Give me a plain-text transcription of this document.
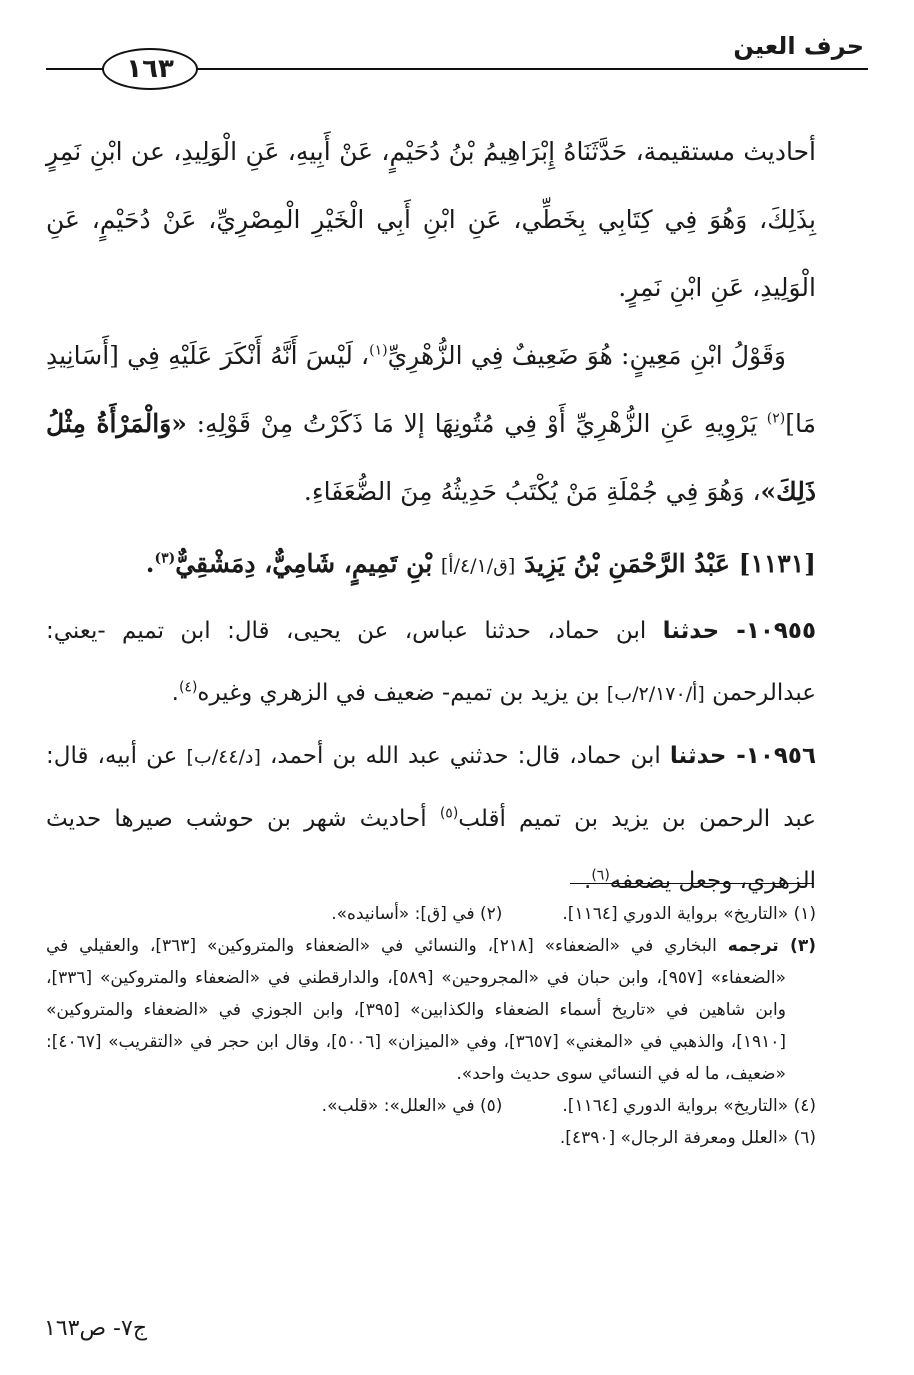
حرف العين
١٦٣

أحاديث مستقيمة، حَدَّثَنَاهُ إِبْرَاهِيمُ بْنُ دُحَيْمٍ، عَنْ أَبِيهِ، عَنِ الْوَلِيدِ، عن ابْنِ نَمِرٍ بِذَلِكَ، وَهُوَ فِي كِتَابِي بِخَطِّي، عَنِ ابْنِ أَبِي الْخَيْرِ الْمِصْرِيِّ، عَنْ دُحَيْمٍ، عَنِ الْوَلِيدِ، عَنِ ابْنِ نَمِرٍ.

وَقَوْلُ ابْنِ مَعِينٍ: هُوَ ضَعِيفٌ فِي الزُّهْرِيِّ$^{(١)}$، لَيْسَ أَنَّهُ أَنْكَرَ عَلَيْهِ فِي [أَسَانِيدِ مَا]$^{(٢)}$ يَرْوِيهِ عَنِ الزُّهْرِيِّ أَوْ فِي مُتُونِهَا إلا مَا ذَكَرْتُ مِنْ قَوْلِهِ: «وَالْمَرْأَةُ مِثْلُ ذَلِكَ»، وَهُوَ فِي جُمْلَةِ مَنْ يُكْتَبُ حَدِيثُهُ مِنَ الضُّعَفَاءِ.

[١١٣١] عَبْدُ الرَّحْمَنِ بْنُ يَزِيدَ [ق/٤/١/أ] بْنِ تَمِيمٍ، شَامِيٌّ، دِمَشْقِيٌّ$^{(٣)}$.

١٠٩٥٥- حدثنا ابن حماد، حدثنا عباس، عن يحيى، قال: ابن تميم -يعني: عبدالرحمن [أ/٢/١٧٠/ب] بن يزيد بن تميم- ضعيف في الزهري وغيره$^{(٤)}$.

١٠٩٥٦- حدثنا ابن حماد، قال: حدثني عبد الله بن أحمد، [د/٤٤/ب] عن أبيه، قال: عبد الرحمن بن يزيد بن تميم أقلب$^{(٥)}$ أحاديث شهر بن حوشب صيرها حديث الزهري، وجعل يضعفه$^{(٦)}$.

(١) «التاريخ» برواية الدوري [١١٦٤].
(٢) في [ق]: «أسانيده».

(٣) ترجمه البخاري في «الضعفاء» [٢١٨]، والنسائي في «الضعفاء والمتروكين» [٣٦٣]، والعقيلي في «الضعفاء» [٩٥٧]، وابن حبان في «المجروحين» [٥٨٩]، والدارقطني في «الضعفاء والمتروكين» [٣٣٦]، وابن شاهين في «تاريخ أسماء الضعفاء والكذابين» [٣٩٥]، وابن الجوزي في «الضعفاء والمتروكين» [١٩١٠]، والذهبي في «المغني» [٣٦٥٧]، وفي «الميزان» [٥٠٠٦]، وقال ابن حجر في «التقريب» [٤٠٦٧]: «ضعيف، ما له في النسائي سوى حديث واحد».

(٤) «التاريخ» برواية الدوري [١١٦٤].
(٥) في «العلل»: «قلب».
(٦) «العلل ومعرفة الرجال» [٤٣٩٠].
ج٧- ص١٦٣
